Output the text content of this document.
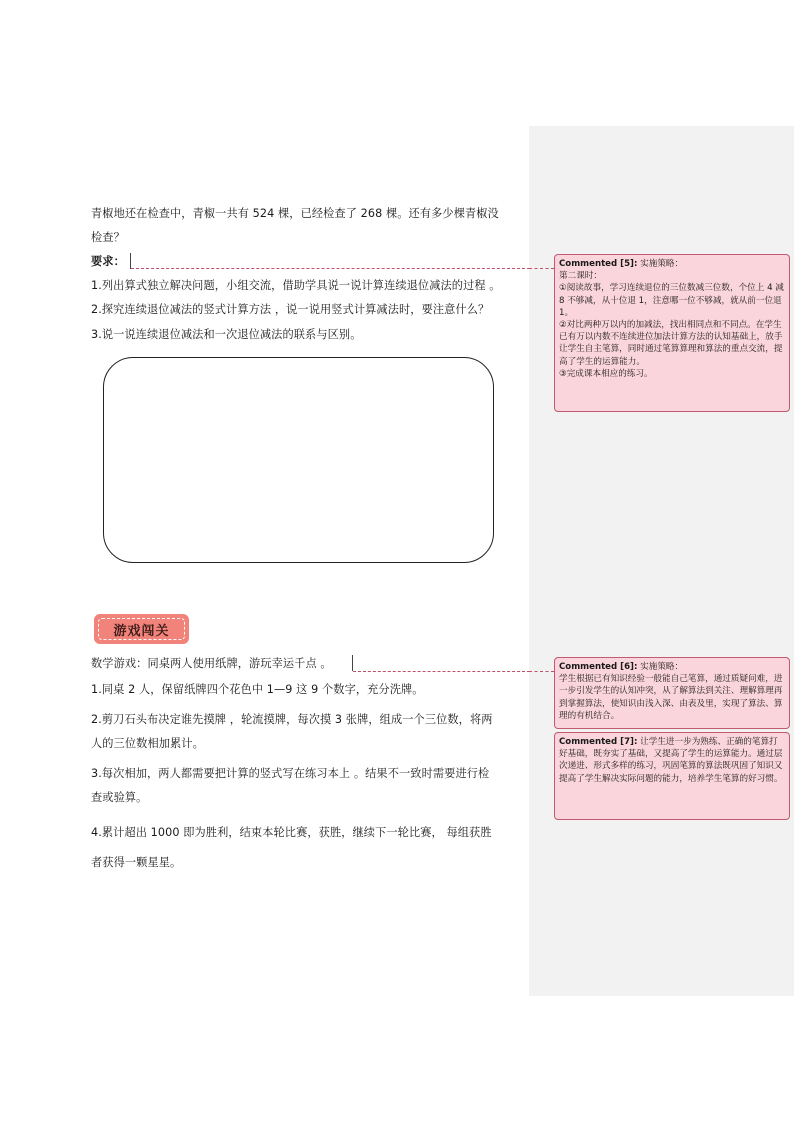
青椒地还在检查中，青椒一共有 524 棵，已经检查了 268 棵。还有多少棵青椒没
检查？
要求：
1.列出算式独立解决问题，小组交流，借助学具说一说计算连续退位减法的过程 。
2.探究连续退位减法的竖式计算方法 ，说一说用竖式计算减法时，要注意什么？
3.说一说连续退位减法和一次退位减法的联系与区别。
游戏闯关
数学游戏：同桌两人使用纸牌，游玩幸运千点 。
1.同桌 2 人，保留纸牌四个花色中 1—9 这 9 个数字，充分洗牌。
2.剪刀石头布决定谁先摸牌 ，轮流摸牌，每次摸 3 张牌，组成一个三位数，将两
人的三位数相加累计。
3.每次相加，两人都需要把计算的竖式写在练习本上 。结果不一致时需要进行检
查或验算。
4.累计超出 1000 即为胜利，结束本轮比赛，获胜，继续下一轮比赛， 每组获胜
者获得一颗星星。

Commented [5]: 实施策略：

第二课时：

①阅读故事，学习连续退位的三位数减三位数，个位上 4 减 8 不够减，从十位退 1，注意哪一位不够减，就从前一位退 1。

②对比两种万以内的加减法，找出相同点和不同点。在学生已有万以内数不连续进位加法计算方法的认知基础上，放手让学生自主笔算，同时通过笔算算理和算法的重点交流，提高了学生的运算能力。

③完成课本相应的练习。

Commented [6]: 实施策略：

学生根据已有知识经验一般能自己笔算，通过质疑问难，进一步引发学生的认知冲突，从了解算法到关注、理解算理再到掌握算法，使知识由浅入深、由表及里，实现了算法、算理的有机结合。

Commented [7]: 让学生进一步为熟练、正确的笔算打好基础，既夯实了基础，又提高了学生的运算能力。通过层次递进、形式多样的练习，巩固笔算的算法既巩固了知识又提高了学生解决实际问题的能力，培养学生笔算的好习惯。
